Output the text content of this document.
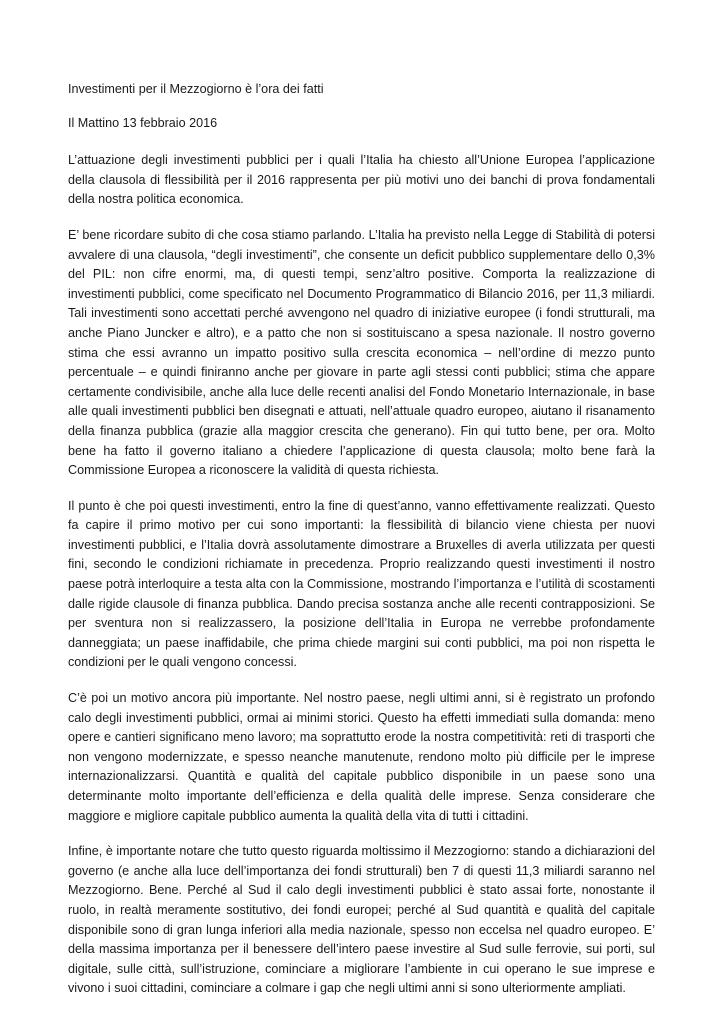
Investimenti per il Mezzogiorno è l’ora dei fatti

Il Mattino 13 febbraio 2016

L’attuazione degli investimenti pubblici per i quali l’Italia ha chiesto all’Unione Europea l’applicazione della clausola di flessibilità per il 2016 rappresenta per più motivi uno dei banchi di prova fondamentali della nostra politica economica.

E’ bene ricordare subito di che cosa stiamo parlando. L’Italia ha previsto nella Legge di Stabilità di potersi avvalere di una clausola, “degli investimenti”, che consente un deficit pubblico supplementare dello 0,3% del PIL: non cifre enormi, ma, di questi tempi, senz’altro positive. Comporta la realizzazione di investimenti pubblici, come specificato nel Documento Programmatico di Bilancio 2016, per 11,3 miliardi. Tali investimenti sono accettati perché avvengono nel quadro di iniziative europee (i fondi strutturali, ma anche Piano Juncker e altro), e a patto che non si sostituiscano a spesa nazionale. Il nostro governo stima che essi avranno un impatto positivo sulla crescita economica – nell’ordine di mezzo punto percentuale – e quindi finiranno anche per giovare in parte agli stessi conti pubblici; stima che appare certamente condivisibile, anche alla luce delle recenti analisi del Fondo Monetario Internazionale, in base alle quali investimenti pubblici ben disegnati e attuati, nell’attuale quadro europeo, aiutano il risanamento della finanza pubblica (grazie alla maggior crescita che generano). Fin qui tutto bene, per ora. Molto bene ha fatto il governo italiano a chiedere l’applicazione di questa clausola; molto bene farà la Commissione Europea a riconoscere la validità di questa richiesta.

Il punto è che poi questi investimenti, entro la fine di quest’anno, vanno effettivamente realizzati. Questo fa capire il primo motivo per cui sono importanti: la flessibilità di bilancio viene chiesta per nuovi investimenti pubblici, e l’Italia dovrà assolutamente dimostrare a Bruxelles di averla utilizzata per questi fini, secondo le condizioni richiamate in precedenza. Proprio realizzando questi investimenti il nostro paese potrà interloquire a testa alta con la Commissione, mostrando l’importanza e l’utilità di scostamenti dalle rigide clausole di finanza pubblica. Dando precisa sostanza anche alle recenti contrapposizioni. Se per sventura non si realizzassero, la posizione dell’Italia in Europa ne verrebbe profondamente danneggiata; un paese inaffidabile, che prima chiede margini sui conti pubblici, ma poi non rispetta le condizioni per le quali vengono concessi.

C’è poi un motivo ancora più importante. Nel nostro paese, negli ultimi anni, si è registrato un profondo calo degli investimenti pubblici, ormai ai minimi storici. Questo ha effetti immediati sulla domanda: meno opere e cantieri significano meno lavoro; ma soprattutto erode la nostra competitività: reti di trasporti che non vengono modernizzate, e spesso neanche manutenute, rendono molto più difficile per le imprese internazionalizzarsi. Quantità e qualità del capitale pubblico disponibile in un paese sono una determinante molto importante dell’efficienza e della qualità delle imprese. Senza considerare che maggiore e migliore capitale pubblico aumenta la qualità della vita di tutti i cittadini.

Infine, è importante notare che tutto questo riguarda moltissimo il Mezzogiorno: stando a dichiarazioni del governo (e anche alla luce dell’importanza dei fondi strutturali) ben 7 di questi 11,3 miliardi saranno nel Mezzogiorno. Bene. Perché al Sud il calo degli investimenti pubblici è stato assai forte, nonostante il ruolo, in realtà meramente sostitutivo, dei fondi europei; perché al Sud quantità e qualità del capitale disponibile sono di gran lunga inferiori alla media nazionale, spesso non eccelsa nel quadro europeo. E’ della massima importanza per il benessere dell’intero paese investire al Sud sulle ferrovie, sui porti, sul digitale, sulle città, sull’istruzione, cominciare a migliorare l’ambiente in cui operano le sue imprese e vivono i suoi cittadini, cominciare a colmare i gap che negli ultimi anni si sono ulteriormente ampliati.
